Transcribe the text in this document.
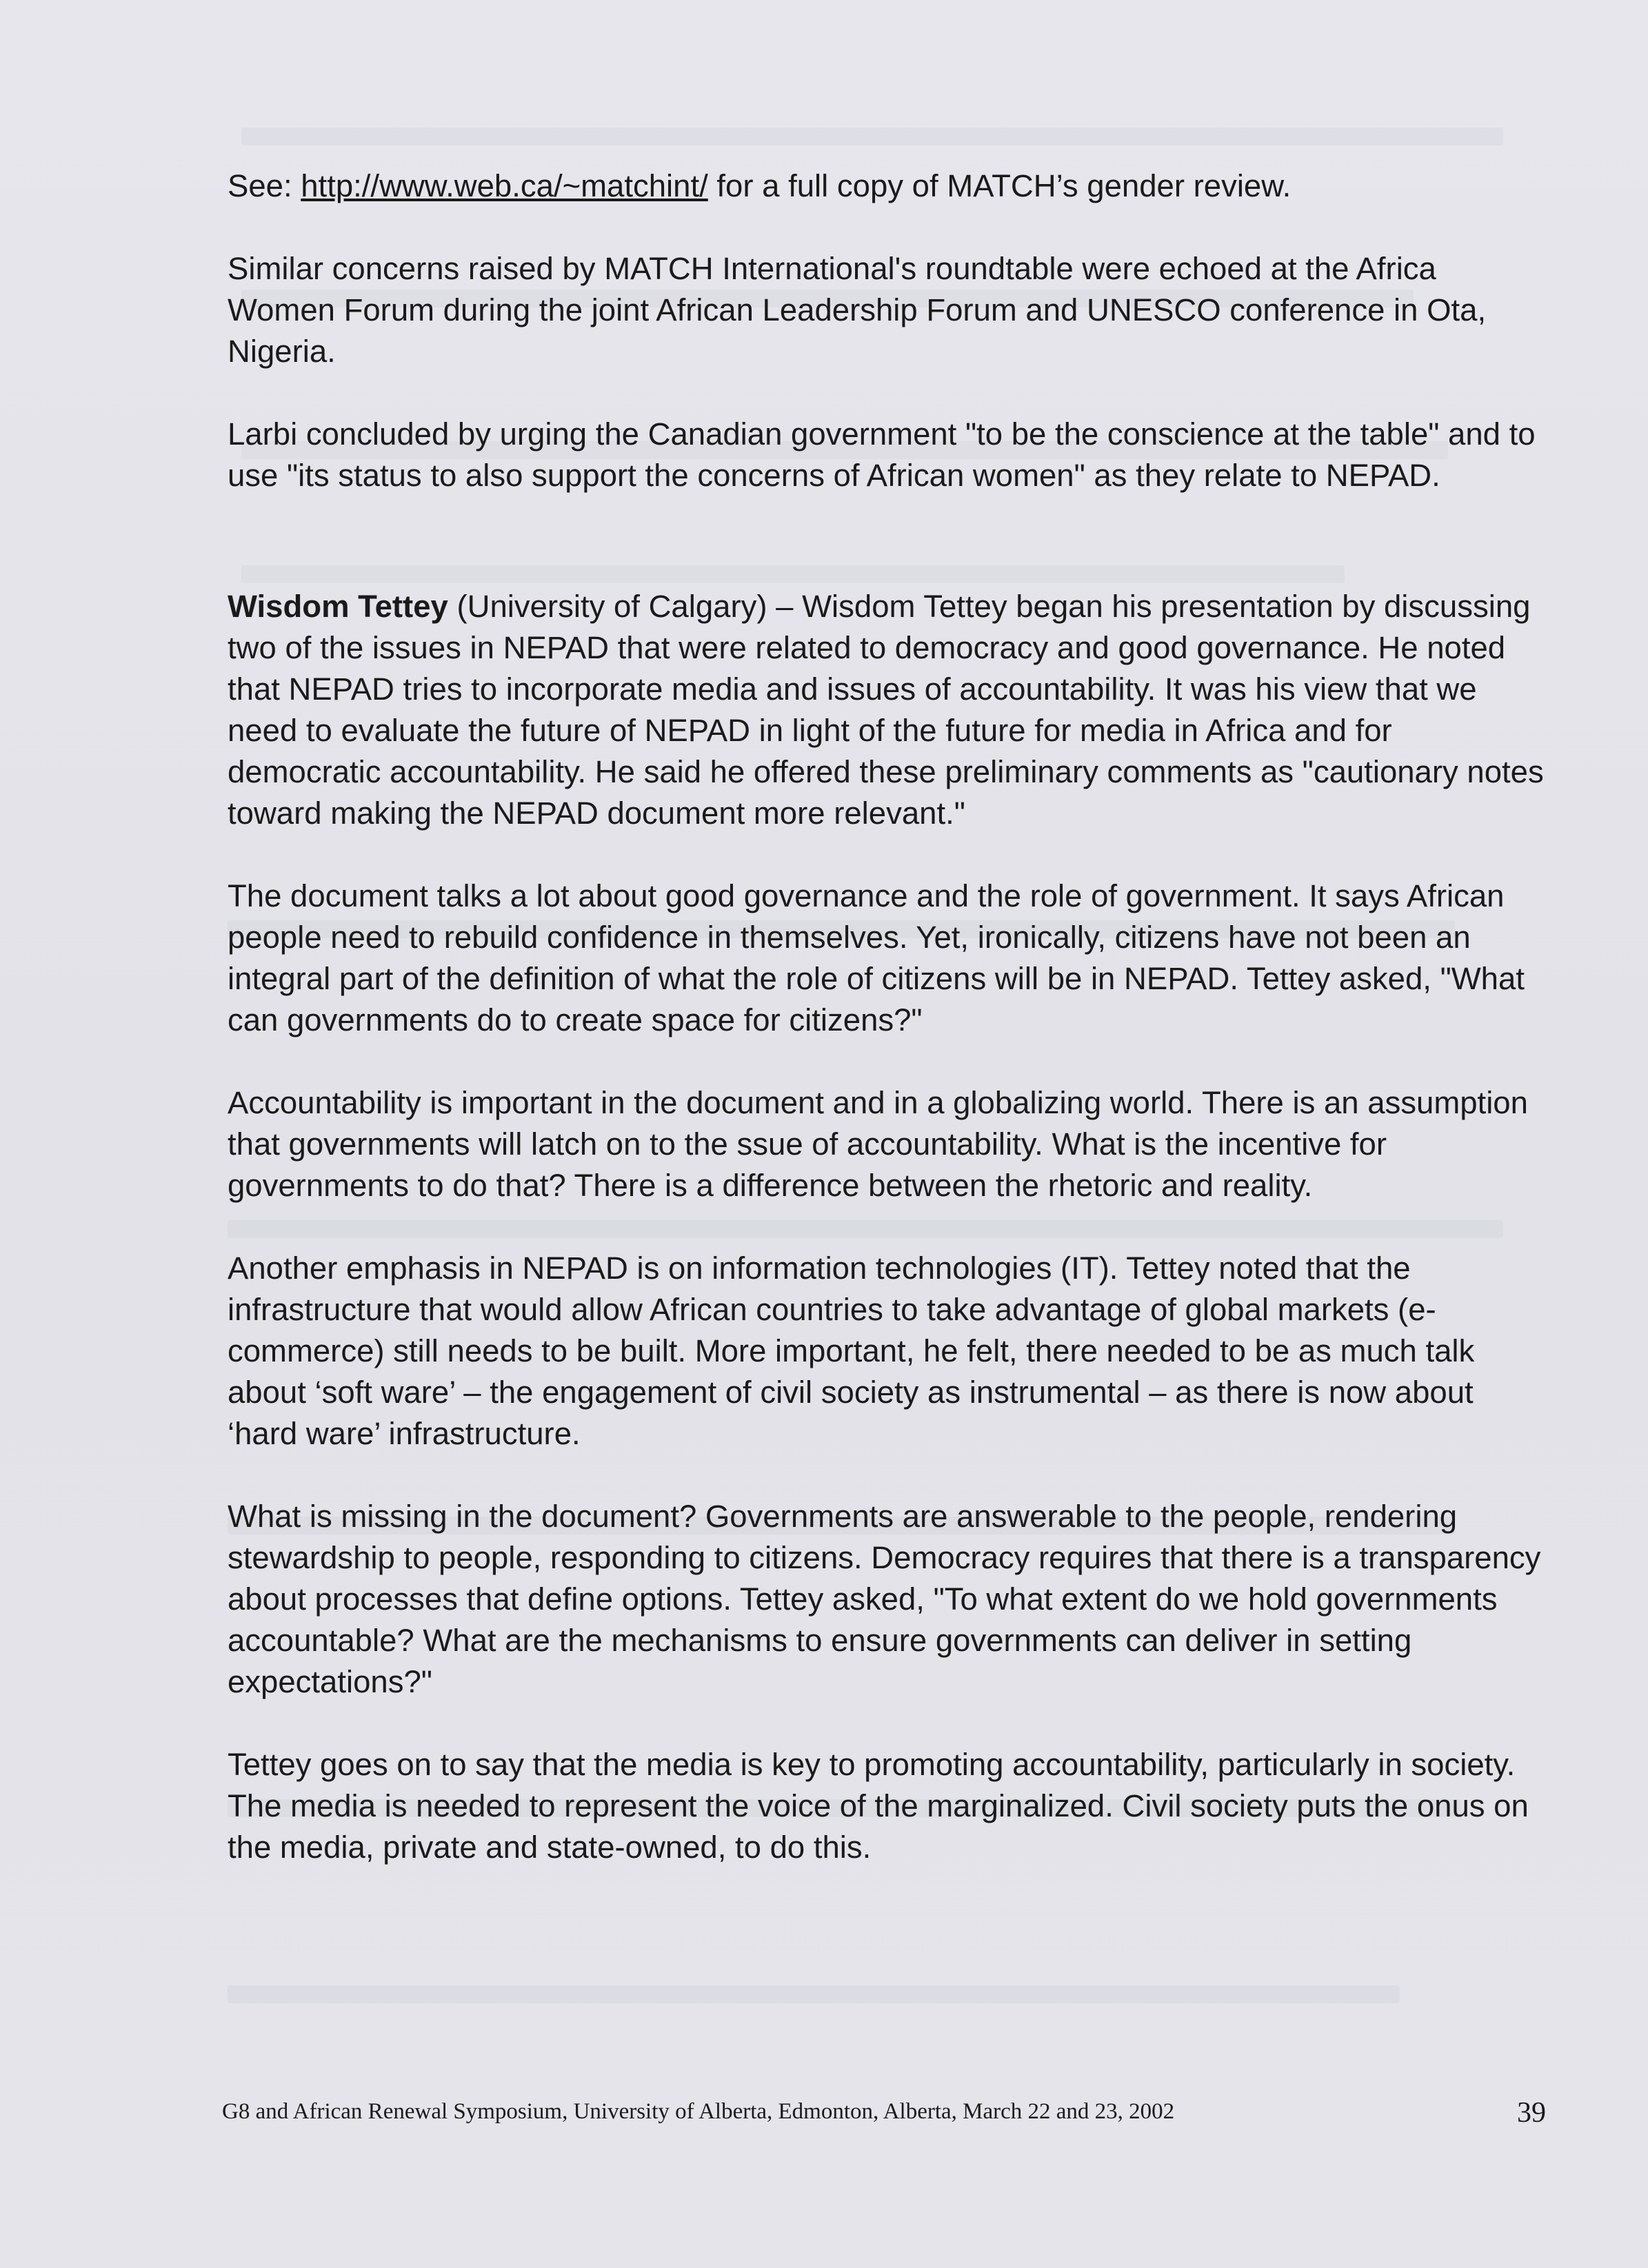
See: http://www.web.ca/~matchint/ for a full copy of MATCH’s gender review.

Similar concerns raised by MATCH International's roundtable were echoed at the Africa Women Forum during the joint African Leadership Forum and UNESCO conference in Ota, Nigeria.

Larbi concluded by urging the Canadian government "to be the conscience at the table" and to use "its status to also support the concerns of African women" as they relate to NEPAD.

Wisdom Tettey (University of Calgary) – Wisdom Tettey began his presentation by discussing two of the issues in NEPAD that were related to democracy and good governance. He noted that NEPAD tries to incorporate media and issues of accountability. It was his view that we need to evaluate the future of NEPAD in light of the future for media in Africa and for democratic accountability. He said he offered these preliminary comments as "cautionary notes toward making the NEPAD document more relevant."

The document talks a lot about good governance and the role of government. It says African people need to rebuild confidence in themselves. Yet, ironically, citizens have not been an integral part of the definition of what the role of citizens will be in NEPAD. Tettey asked, "What can governments do to create space for citizens?"

Accountability is important in the document and in a globalizing world. There is an assumption that governments will latch on to the ssue of accountability. What is the incentive for governments to do that? There is a difference between the rhetoric and reality.

Another emphasis in NEPAD is on information technologies (IT). Tettey noted that the infrastructure that would allow African countries to take advantage of global markets (e-commerce) still needs to be built. More important, he felt, there needed to be as much talk about ‘soft ware’ – the engagement of civil society as instrumental – as there is now about ‘hard ware’ infrastructure.

What is missing in the document? Governments are answerable to the people, rendering stewardship to people, responding to citizens. Democracy requires that there is a transparency about processes that define options. Tettey asked, "To what extent do we hold governments accountable? What are the mechanisms to ensure governments can deliver in setting expectations?"

Tettey goes on to say that the media is key to promoting accountability, particularly in society. The media is needed to represent the voice of the marginalized. Civil society puts the onus on the media, private and state-owned, to do this.

G8 and African Renewal Symposium, University of Alberta, Edmonton, Alberta, March 22 and 23, 2002	39
